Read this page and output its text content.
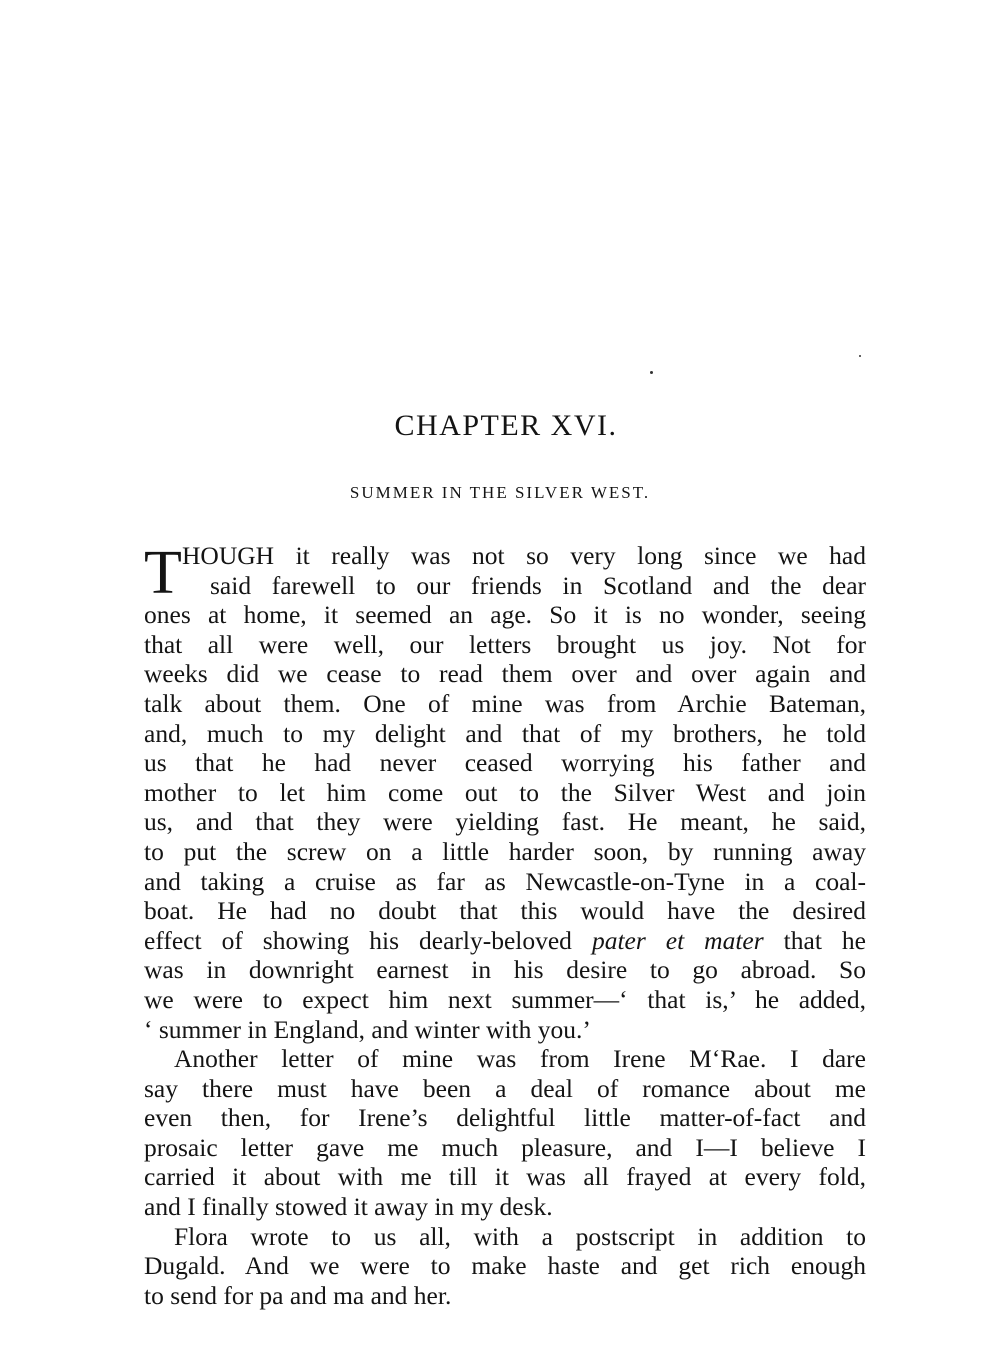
CHAPTER XVI.
SUMMER IN THE SILVER WEST.
T HOUGH it really was not so very long since we had
said farewell to our friends in Scotland and the dear
ones at home, it seemed an age. So it is no wonder, seeing
that all were well, our letters brought us joy. Not for
weeks did we cease to read them over and over again and
talk about them. One of mine was from Archie Bateman,
and, much to my delight and that of my brothers, he told
us that he had never ceased worrying his father and
mother to let him come out to the Silver West and join
us, and that they were yielding fast. He meant, he said,
to put the screw on a little harder soon, by running away
and taking a cruise as far as Newcastle-on-Tyne in a coal-
boat. He had no doubt that this would have the desired
effect of showing his dearly-beloved pater et mater that he
was in downright earnest in his desire to go abroad. So
we were to expect him next summer—‘ that is,’ he added,
‘ summer in England, and winter with you.’
Another letter of mine was from Irene M‘Rae. I dare
say there must have been a deal of romance about me
even then, for Irene’s delightful little matter-of-fact and
prosaic letter gave me much pleasure, and I—I believe I
carried it about with me till it was all frayed at every fold,
and I finally stowed it away in my desk.
Flora wrote to us all, with a postscript in addition to
Dugald. And we were to make haste and get rich enough
to send for pa and ma and her.
